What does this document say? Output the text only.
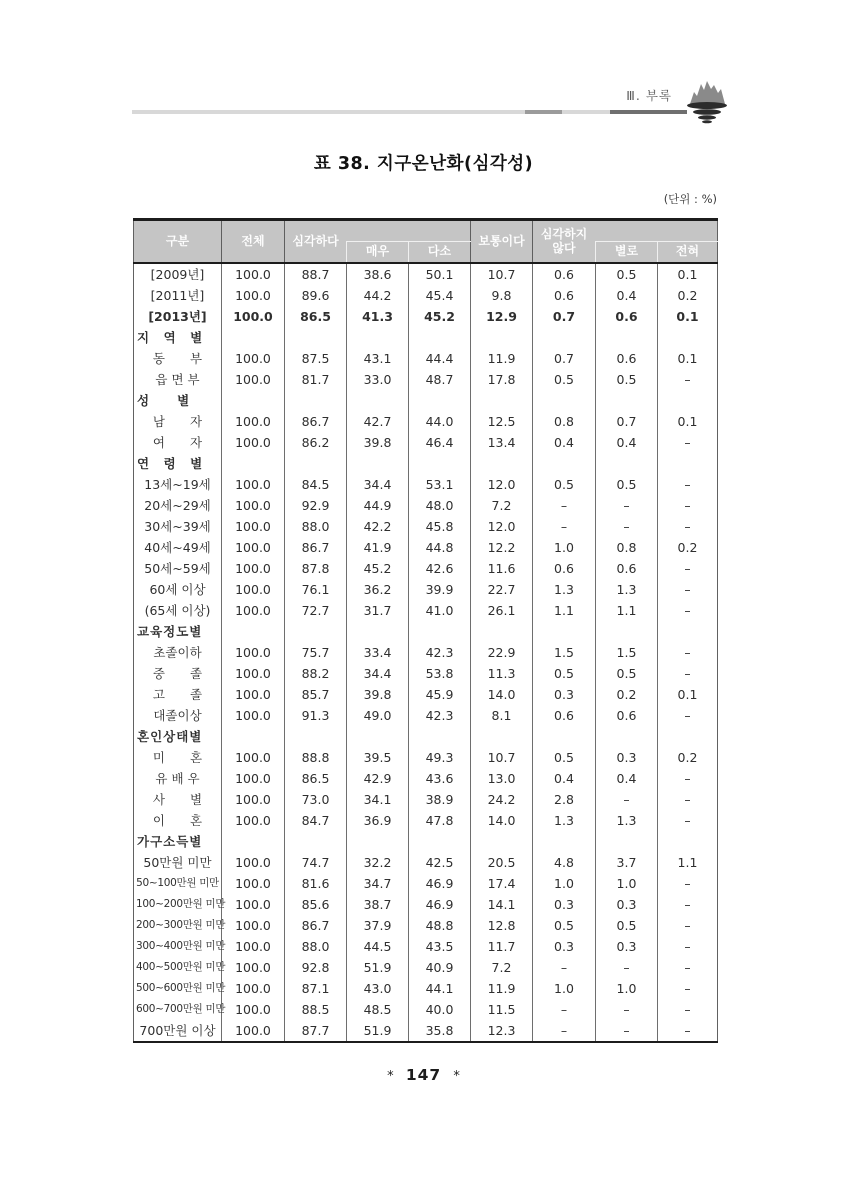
Ⅲ. 부록
표 38. 지구온난화(심각성)
(단위 : %)
구분	전체	심각하다			보통이다	심각하지 않다		
			매우	다소			별로	전혀
[2009년]	100.0	88.7	38.6	50.1	10.7	0.6	0.5	0.1
[2011년]	100.0	89.6	44.2	45.4	9.8	0.6	0.4	0.2
[2013년]	100.0	86.5	41.3	45.2	12.9	0.7	0.6	0.1
지　역　별								
동　　부	100.0	87.5	43.1	44.4	11.9	0.7	0.6	0.1
읍 면 부	100.0	81.7	33.0	48.7	17.8	0.5	0.5	–
성　　별								
남　　자	100.0	86.7	42.7	44.0	12.5	0.8	0.7	0.1
여　　자	100.0	86.2	39.8	46.4	13.4	0.4	0.4	–
연　령　별								
13세~19세	100.0	84.5	34.4	53.1	12.0	0.5	0.5	–
20세~29세	100.0	92.9	44.9	48.0	7.2	–	–	–
30세~39세	100.0	88.0	42.2	45.8	12.0	–	–	–
40세~49세	100.0	86.7	41.9	44.8	12.2	1.0	0.8	0.2
50세~59세	100.0	87.8	45.2	42.6	11.6	0.6	0.6	–
60세 이상	100.0	76.1	36.2	39.9	22.7	1.3	1.3	–
(65세 이상)	100.0	72.7	31.7	41.0	26.1	1.1	1.1	–
교육정도별								
초졸이하	100.0	75.7	33.4	42.3	22.9	1.5	1.5	–
중　　졸	100.0	88.2	34.4	53.8	11.3	0.5	0.5	–
고　　졸	100.0	85.7	39.8	45.9	14.0	0.3	0.2	0.1
대졸이상	100.0	91.3	49.0	42.3	8.1	0.6	0.6	–
혼인상태별								
미　　혼	100.0	88.8	39.5	49.3	10.7	0.5	0.3	0.2
유 배 우	100.0	86.5	42.9	43.6	13.0	0.4	0.4	–
사　　별	100.0	73.0	34.1	38.9	24.2	2.8	–	–
이　　혼	100.0	84.7	36.9	47.8	14.0	1.3	1.3	–
가구소득별								
50만원 미만	100.0	74.7	32.2	42.5	20.5	4.8	3.7	1.1
50~100만원 미만	100.0	81.6	34.7	46.9	17.4	1.0	1.0	–
100~200만원 미만	100.0	85.6	38.7	46.9	14.1	0.3	0.3	–
200~300만원 미만	100.0	86.7	37.9	48.8	12.8	0.5	0.5	–
300~400만원 미만	100.0	88.0	44.5	43.5	11.7	0.3	0.3	–
400~500만원 미만	100.0	92.8	51.9	40.9	7.2	–	–	–
500~600만원 미만	100.0	87.1	43.0	44.1	11.9	1.0	1.0	–
600~700만원 미만	100.0	88.5	48.5	40.0	11.5	–	–	–
700만원 이상	100.0	87.7	51.9	35.8	12.3	–	–	–
* 147 *
